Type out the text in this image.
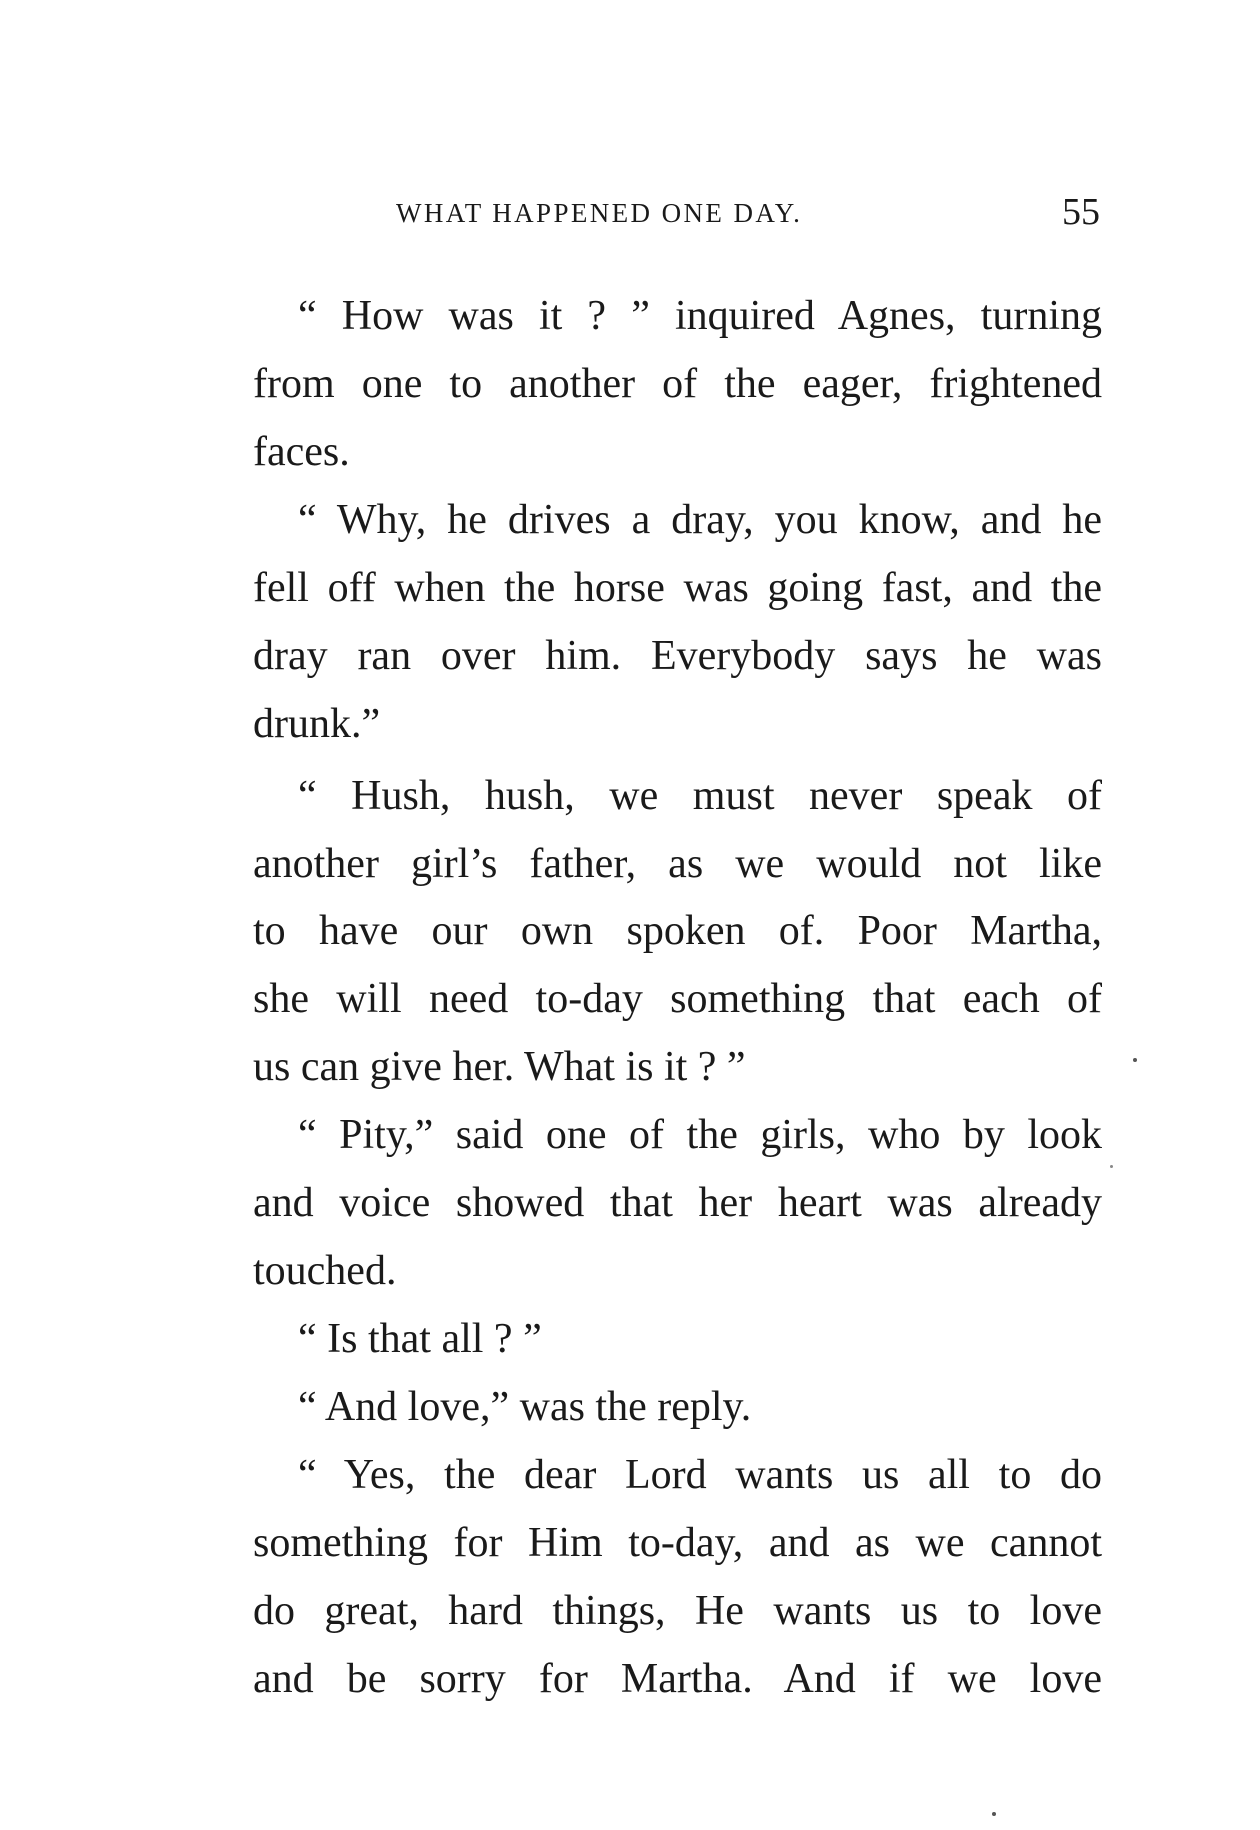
WHAT HAPPENED ONE DAY.	55
“ How was it ? ” inquired Agnes, turning
from one to another of the eager, frightened
faces.
“ Why, he drives a dray, you know, and he
fell off when the horse was going fast, and the
dray ran over him. Everybody says he was
drunk.”
“ Hush, hush, we must never speak of
another girl’s father, as we would not like
to have our own spoken of. Poor Martha,
she will need to-day something that each of
us can give her. What is it ? ”
“ Pity,” said one of the girls, who by look
and voice showed that her heart was already
touched.
“ Is that all ? ”
“ And love,” was the reply.
“ Yes, the dear Lord wants us all to do
something for Him to-day, and as we cannot
do great, hard things, He wants us to love
and be sorry for Martha. And if we love
